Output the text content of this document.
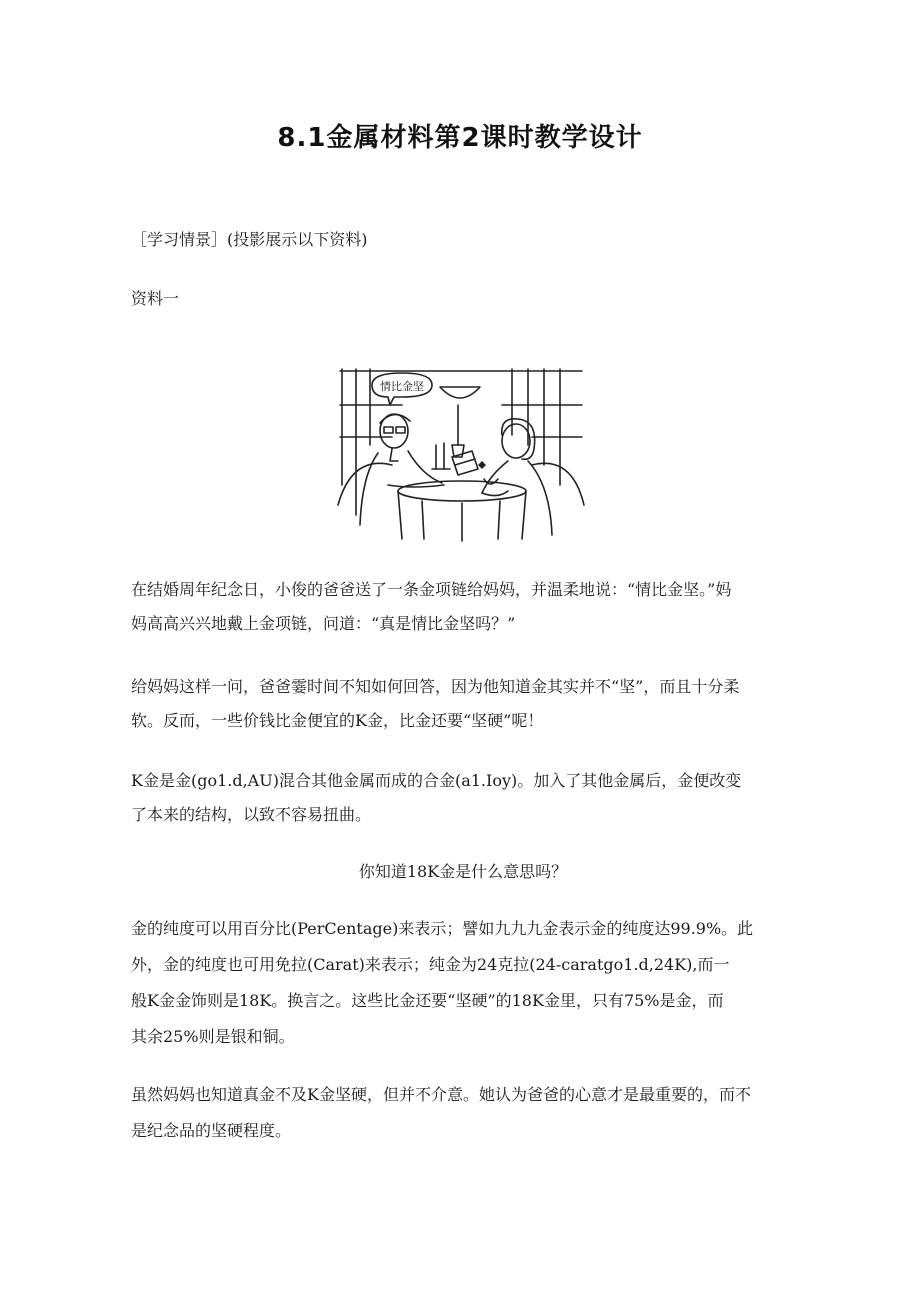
8.1金属材料第2课时教学设计

［学习情景］(投影展示以下资料)

资料一

情比金坚

在结婚周年纪念日，小俊的爸爸送了一条金项链给妈妈，并温柔地说：“情比金坚。”妈

妈高高兴兴地戴上金项链，问道：“真是情比金坚吗？”

给妈妈这样一问，爸爸霎时间不知如何回答，因为他知道金其实并不“坚”，而且十分柔

软。反而，一些价钱比金便宜的K金，比金还要“坚硬”呢！

K金是金(go1.d,AU)混合其他金属而成的合金(a1.Ioy)。加入了其他金属后，金便改变

了本来的结构，以致不容易扭曲。

你知道18K金是什么意思吗？

金的纯度可以用百分比(PerCentage)来表示；譬如九九九金表示金的纯度达99.9%。此

外，金的纯度也可用免拉(Carat)来表示；纯金为24克拉(24-caratgo1.d,24K),而一

般K金金饰则是18K。换言之。这些比金还要“坚硬”的18K金里，只有75%是金，而

其余25%则是银和铜。

虽然妈妈也知道真金不及K金坚硬，但并不介意。她认为爸爸的心意才是最重要的，而不

是纪念品的坚硬程度。
